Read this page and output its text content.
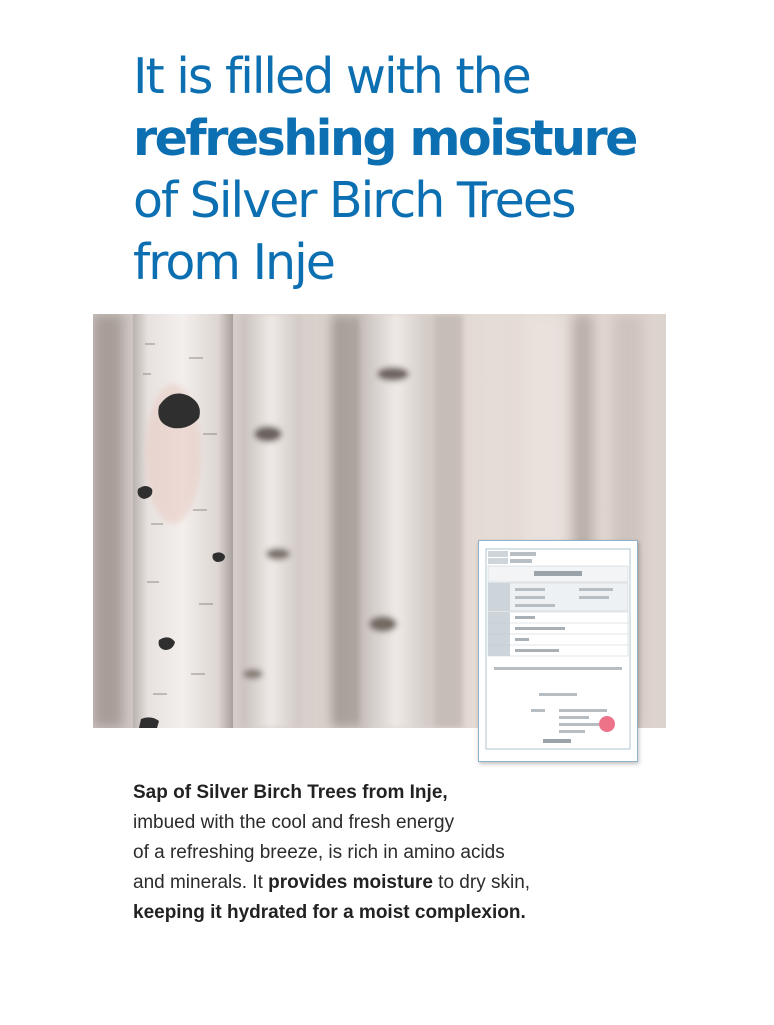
It is filled with the
refreshing moisture
of Silver Birch Trees
from Inje

Sap of Silver Birch Trees from Inje,
imbued with the cool and fresh energy
of a refreshing breeze, is rich in amino acids
and minerals. It provides moisture to dry skin,
keeping it hydrated for a moist complexion.
